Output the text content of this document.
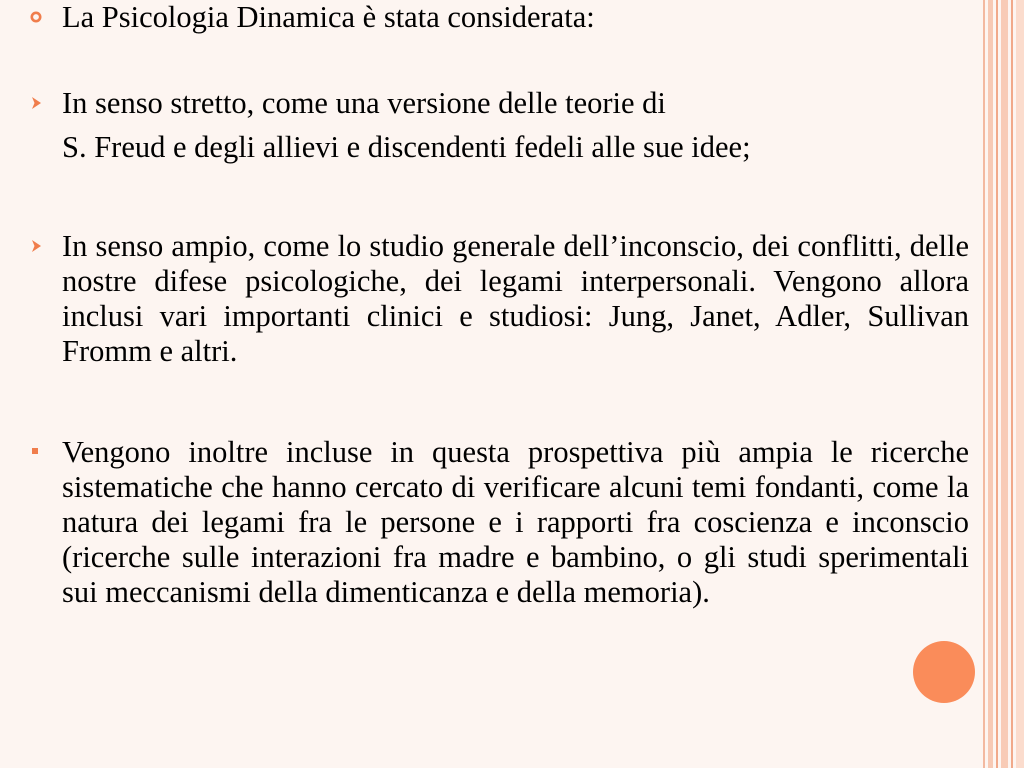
La Psicologia Dinamica è stata considerata:

In senso stretto, come una versione delle teorie di

S. Freud e degli allievi e discendenti fedeli alle sue idee;

In senso ampio, come lo studio generale dell’inconscio, dei conflitti, delle nostre difese psicologiche, dei legami interpersonali. Vengono allora inclusi vari importanti clinici e studiosi: Jung, Janet, Adler, Sullivan Fromm e altri.

Vengono inoltre incluse in questa prospettiva più ampia le ricerche sistematiche che hanno cercato di verificare alcuni temi fondanti, come la natura dei legami fra le persone e i rapporti fra coscienza e inconscio (ricerche sulle interazioni fra madre e bambino, o gli studi sperimentali sui meccanismi della dimenticanza e della memoria).
